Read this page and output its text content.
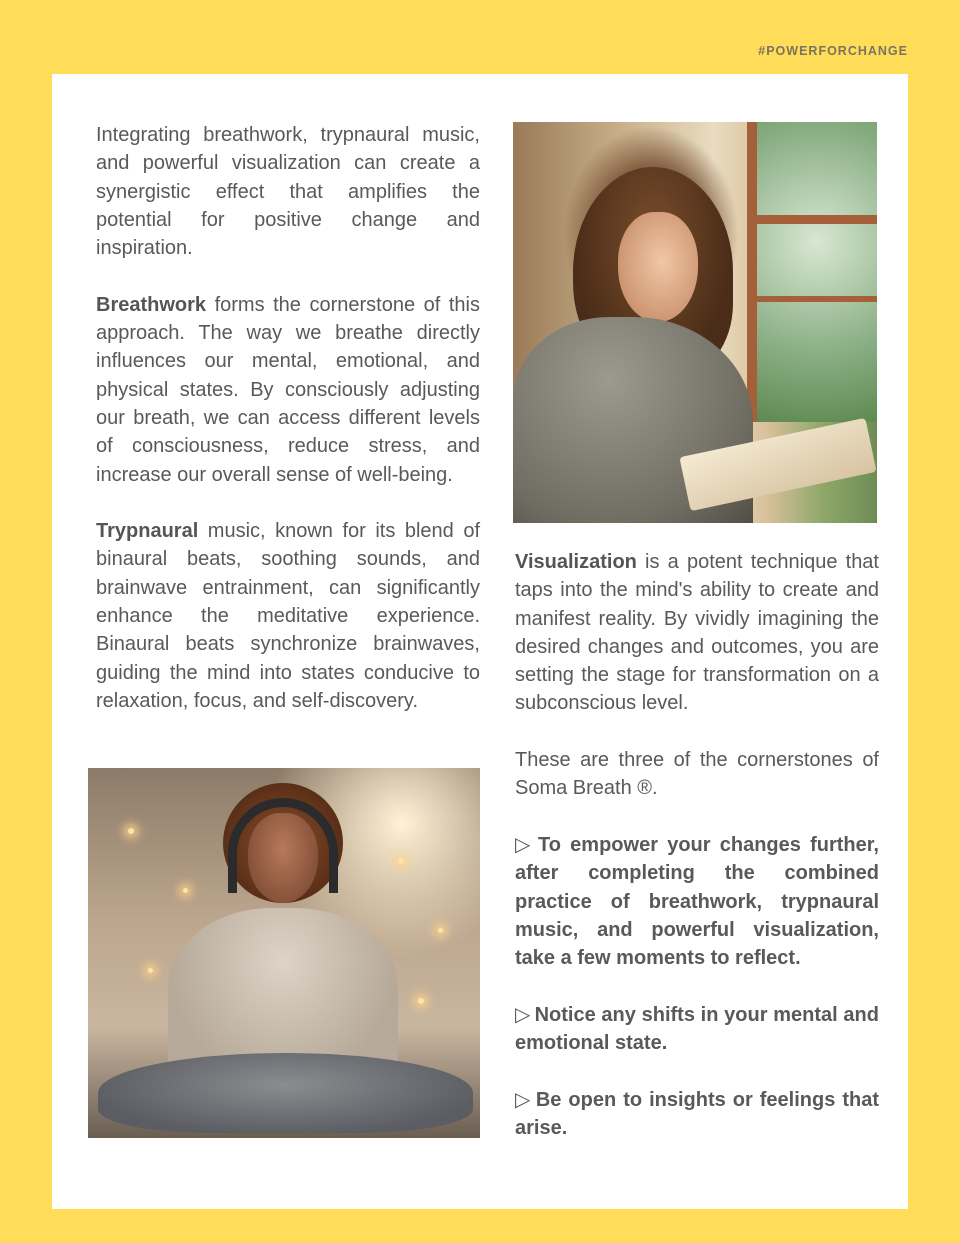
#POWERFORCHANGE

Integrating breathwork, trypnaural music, and powerful visualization can create a synergistic effect that amplifies the potential for positive change and inspiration.

Breathwork forms the cornerstone of this approach. The way we breathe directly influences our mental, emotional, and physical states. By consciously adjusting our breath, we can access different levels of consciousness, reduce stress, and increase our overall sense of well-being.

Trypnaural music, known for its blend of binaural beats, soothing sounds, and brainwave entrainment, can significantly enhance the meditative experience. Binaural beats synchronize brainwaves, guiding the mind into states conducive to relaxation, focus, and self-discovery.

Visualization is a potent technique that taps into the mind's ability to create and manifest reality. By vividly imagining the desired changes and outcomes, you are setting the stage for transformation on a subconscious level.

These are three of the cornerstones of Soma Breath ®.

▷ To empower your changes further, after completing the combined practice of breathwork, trypnaural music, and powerful visualization, take a few moments to reflect.

▷ Notice any shifts in your mental and emotional state.

▷ Be open to insights or feelings that arise.
